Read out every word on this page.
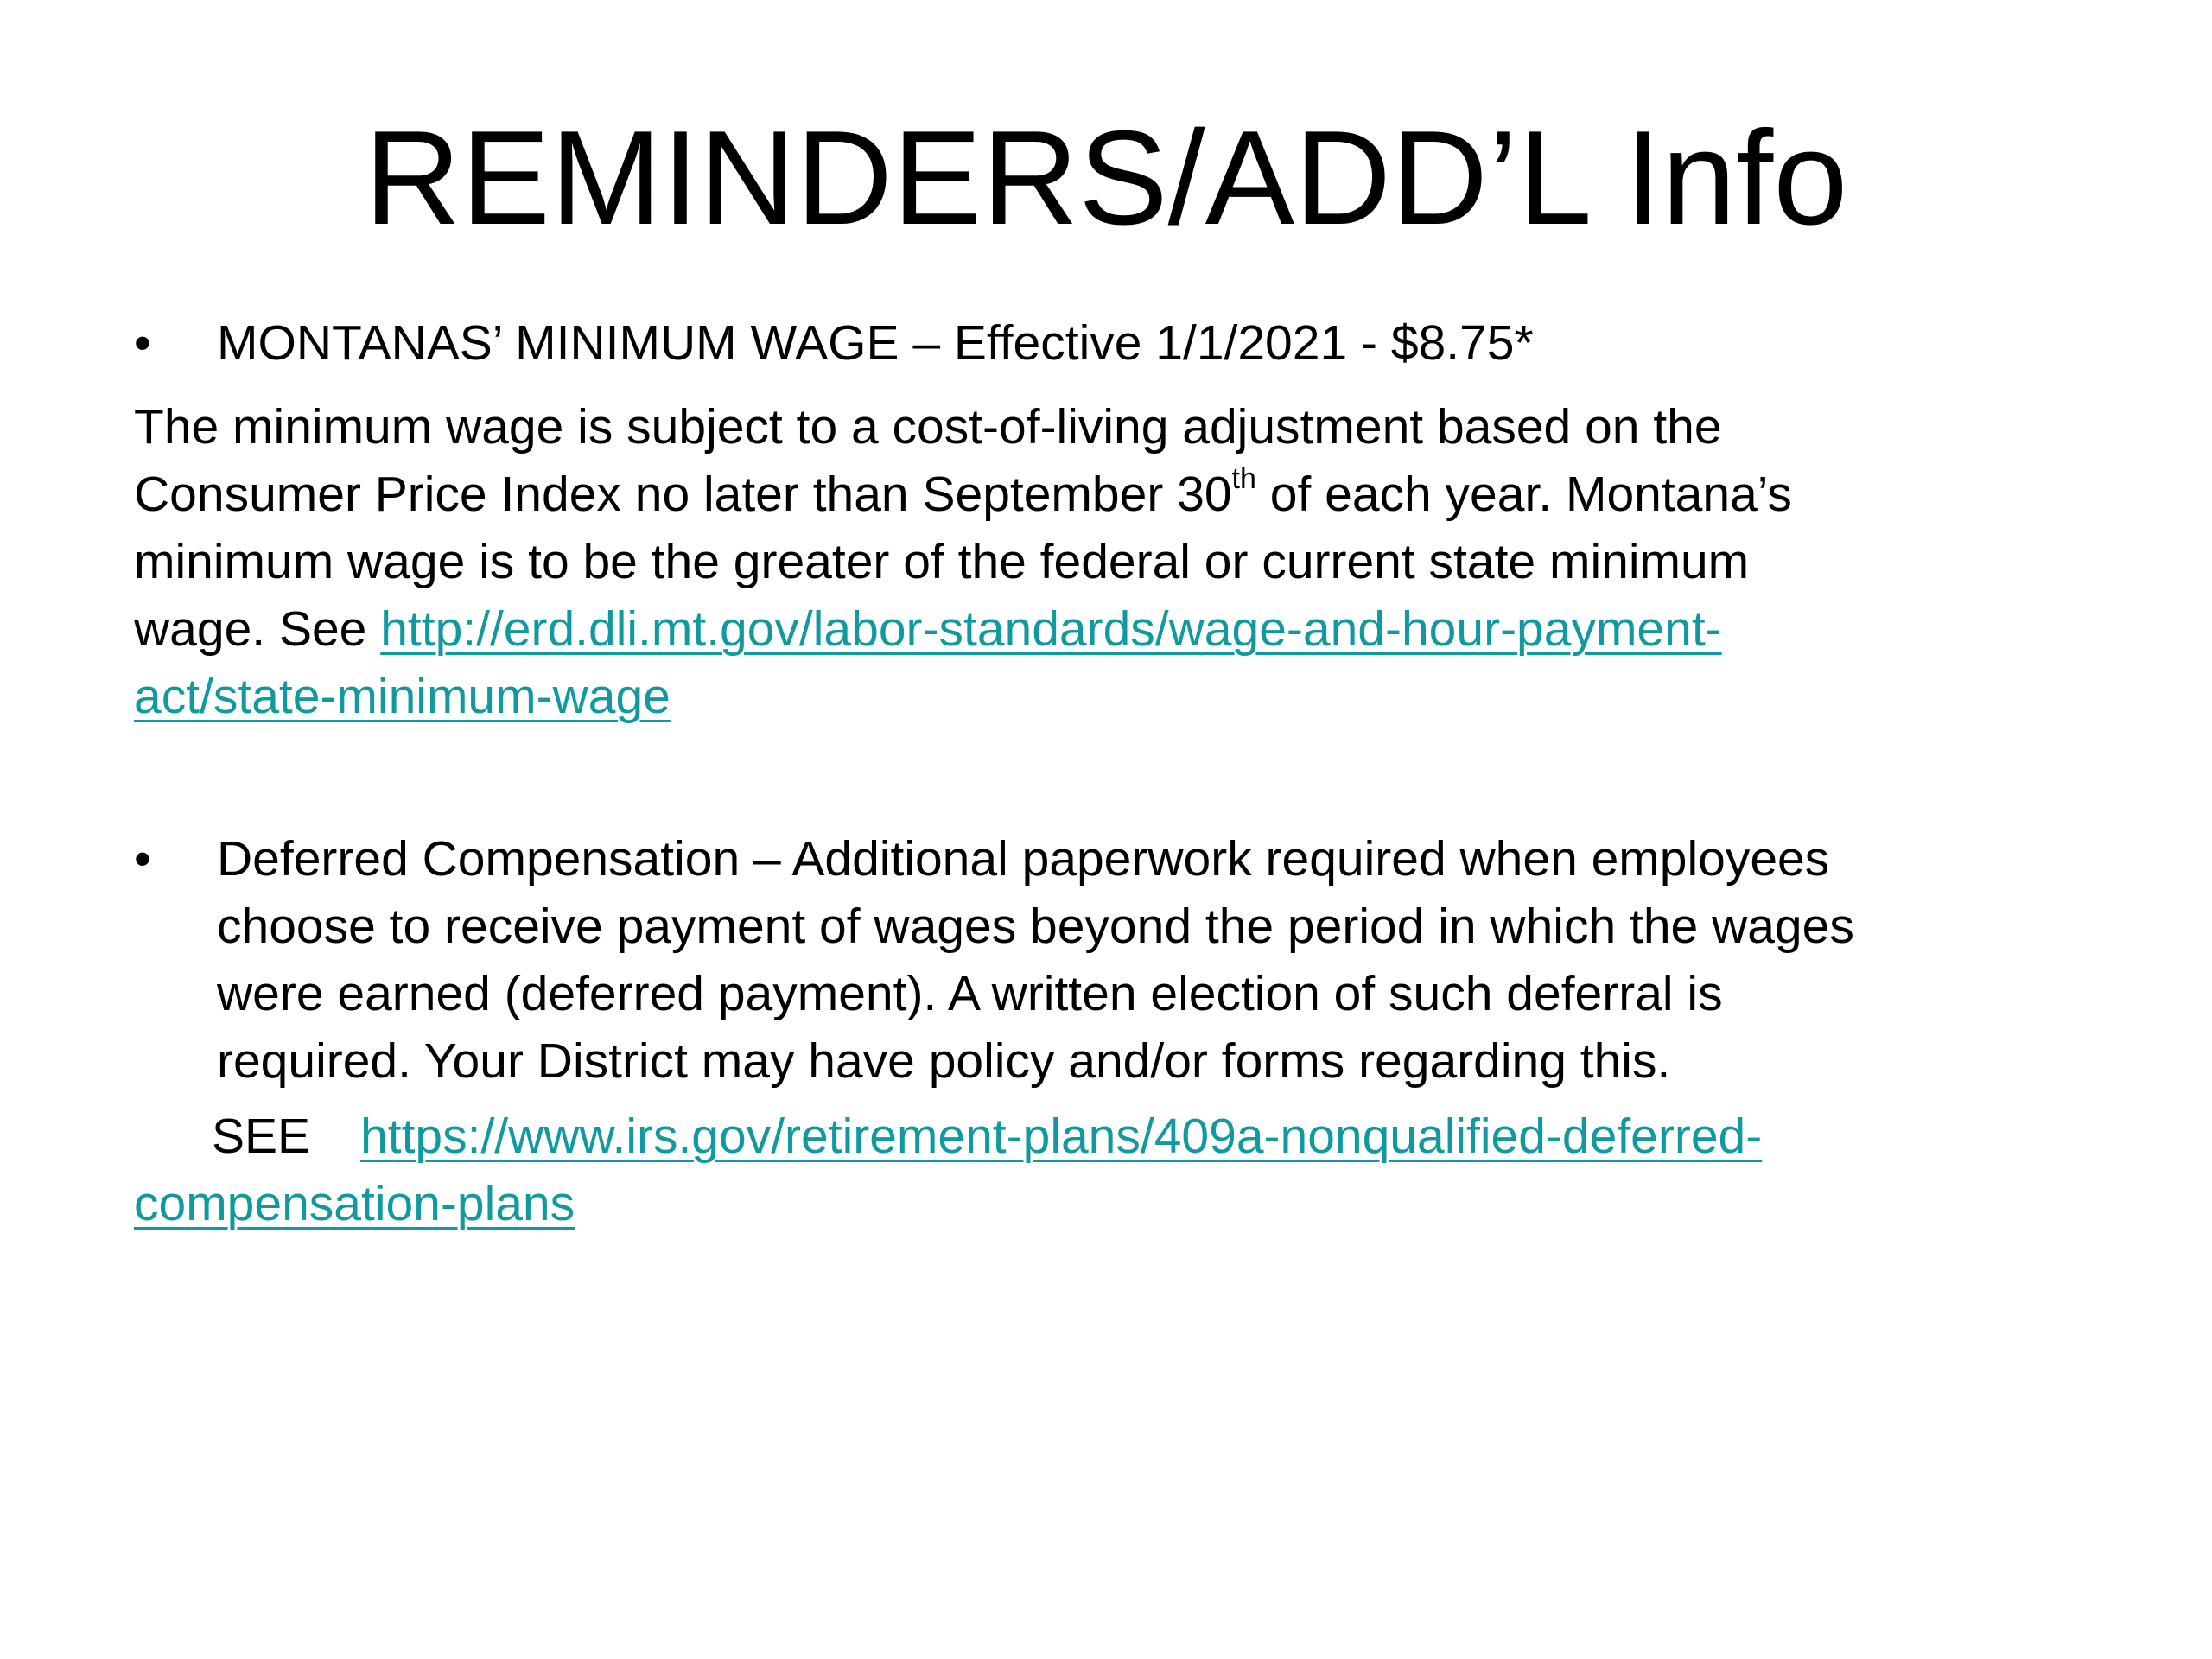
REMINDERS/ADD’L Info
• MONTANAS’ MINIMUM WAGE – Effective 1/1/2021 - $8.75*
The minimum wage is subject to a cost-of-living adjustment based on the
Consumer Price Index no later than September 30th of each year. Montana’s
minimum wage is to be the greater of the federal or current state minimum
wage. See http://erd.dli.mt.gov/labor-standards/wage-and-hour-payment-
act/state-minimum-wage
• Deferred Compensation – Additional paperwork required when employees
choose to receive payment of wages beyond the period in which the wages
were earned (deferred payment). A written election of such deferral is
required. Your District may have policy and/or forms regarding this.
SEE https://www.irs.gov/retirement-plans/409a-nonqualified-deferred-
compensation-plans
